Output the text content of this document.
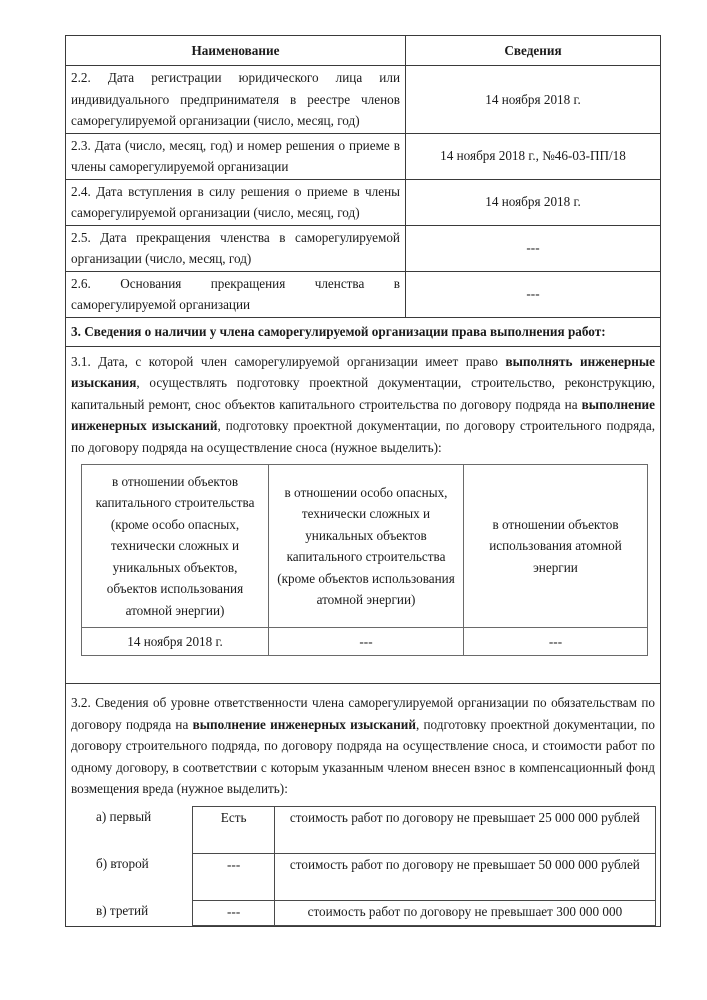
Наименование	Сведения
2.2. Дата регистрации юридического лица или индивидуального предпринимателя в реестре членов саморегулируемой организации (число, месяц, год)	14 ноября 2018 г.
2.3. Дата (число, месяц, год) и номер решения о приеме в члены саморегулируемой организации	14 ноября 2018 г., №46-03-ПП/18
2.4. Дата вступления в силу решения о приеме в члены саморегулируемой организации (число, месяц, год)	14 ноября 2018 г.
2.5. Дата прекращения членства в саморегулируемой организации (число, месяц, год)	---
2.6. Основания прекращения членства в саморегулируемой организации	---
3. Сведения о наличии у члена саморегулируемой организации права выполнения работ:

3.1. Дата, с которой член саморегулируемой организации имеет право выполнять инженерные изыскания, осуществлять подготовку проектной документации, строительство, реконструкцию, капитальный ремонт, снос объектов капитального строительства по договору подряда на выполнение инженерных изысканий, подготовку проектной документации, по договору строительного подряда, по договору подряда на осуществление сноса (нужное выделить):
в отношении объектов капитального строительства (кроме особо опасных, технически сложных и уникальных объектов, объектов использования атомной энергии)	в отношении особо опасных, технически сложных и уникальных объектов капитального строительства (кроме объектов использования атомной энергии)	в отношении объектов использования атомной энергии
14 ноября 2018 г.	---	---

3.2. Сведения об уровне ответственности члена саморегулируемой организации по обязательствам по договору подряда на выполнение инженерных изысканий, подготовку проектной документации, по договору строительного подряда, по договору подряда на осуществление сноса, и стоимости работ по одному договору, в соответствии с которым указанным членом внесен взнос в компенсационный фонд возмещения вреда (нужное выделить):
а) первый	Есть	стоимость работ по договору не превышает 25 000 000 рублей
б) второй	---	стоимость работ по договору не превышает 50 000 000 рублей
в) третий	---	стоимость работ по договору не превышает 300 000 000
